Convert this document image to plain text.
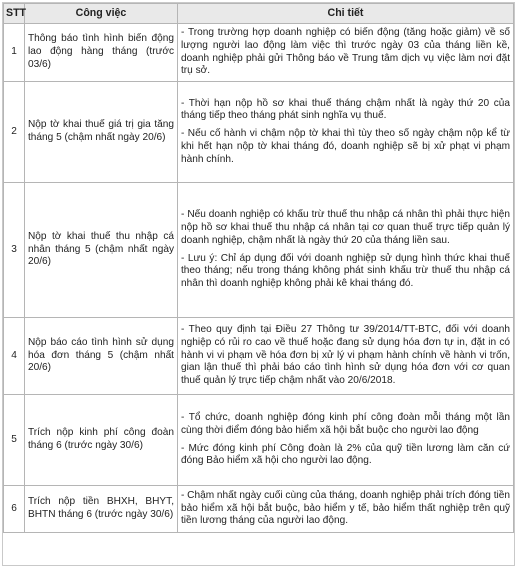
STT	Công việc	Chi tiết
1	Thông báo tình hình biến động lao động hàng tháng (trước 03/6)	- Trong trường hợp doanh nghiệp có biến động (tăng hoặc giảm) về số lượng người lao động làm việc thì trước ngày 03 của tháng liền kề, doanh nghiệp phải gửi Thông báo về Trung tâm dịch vụ việc làm nơi đặt trụ sở.

2	Nộp tờ khai thuế giá trị gia tăng tháng 5 (chậm nhất ngày 20/6)	- Thời hạn nộp hồ sơ khai thuế tháng chậm nhất là ngày thứ 20 của tháng tiếp theo tháng phát sinh nghĩa vụ thuế.

- Nếu cố hành vi chậm nộp tờ khai thì tùy theo số ngày chậm nộp kể từ khi hết hạn nộp tờ khai tháng đó, doanh nghiệp sẽ bị xử phạt vi phạm hành chính.

3	Nộp tờ khai thuế thu nhập cá nhân tháng 5 (chậm nhất ngày 20/6)	- Nếu doanh nghiệp có khấu trừ thuế thu nhập cá nhân thì phải thực hiện nộp hồ sơ khai thuế thu nhập cá nhân tại cơ quan thuế trực tiếp quản lý doanh nghiệp, chậm nhất là ngày thứ 20 của tháng liền sau.

- Lưu ý: Chỉ áp dụng đối với doanh nghiệp sử dụng hình thức khai thuế theo tháng; nếu trong tháng không phát sinh khấu trừ thuế thu nhập cá nhân thì doanh nghiệp không phải kê khai tháng đó.

4	Nộp báo cáo tình hình sử dụng hóa đơn tháng 5 (chậm nhất 20/6)	- Theo quy định tại Điều 27 Thông tư 39/2014/TT-BTC, đối với doanh nghiệp có rủi ro cao về thuế hoặc đang sử dụng hóa đơn tự in, đặt in có hành vi vi phạm về hóa đơn bị xử lý vi phạm hành chính về hành vi trốn, gian lận thuế thì phải báo cáo tình hình sử dụng hóa đơn với cơ quan thuế quản lý trực tiếp chậm nhất vào 20/6/2018.

5	Trích nộp kinh phí công đoàn tháng 6 (trước ngày 30/6)	- Tổ chức, doanh nghiệp đóng kinh phí công đoàn mỗi tháng một lần cùng thời điểm đóng bảo hiểm xã hội bắt buộc cho người lao động

- Mức đóng kinh phí Công đoàn là 2% của quỹ tiền lương làm căn cứ đóng Bảo hiểm xã hội cho người lao động.

6	Trích nộp tiền BHXH, BHYT, BHTN tháng 6 (trước ngày 30/6)	- Chậm nhất ngày cuối cùng của tháng, doanh nghiệp phải trích đóng tiền bảo hiểm xã hội bắt buộc, bảo hiểm y tế, bảo hiểm thất nghiệp trên quỹ tiền lương tháng của người lao động.
